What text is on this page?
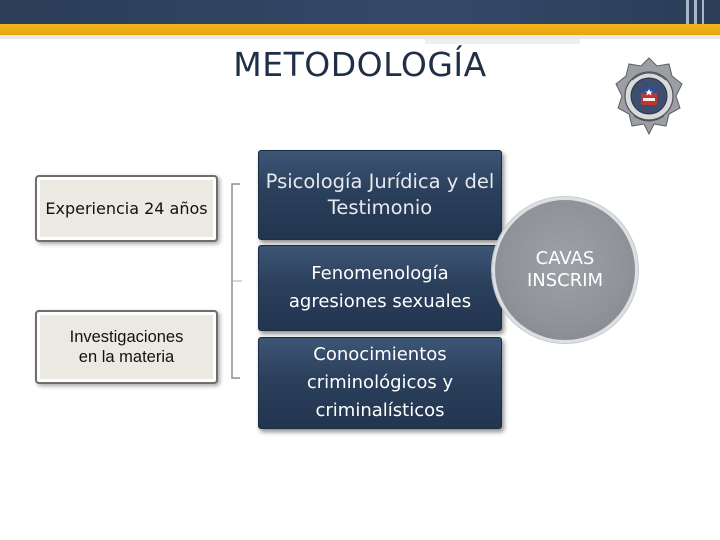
METODOLOGÍA
Experiencia 24 años
Investigaciones
en la materia
Psicología Jurídica y del
Testimonio
Fenomenología
agresiones sexuales
Conocimientos
criminológicos y
criminalísticos
CAVAS
INSCRIM
